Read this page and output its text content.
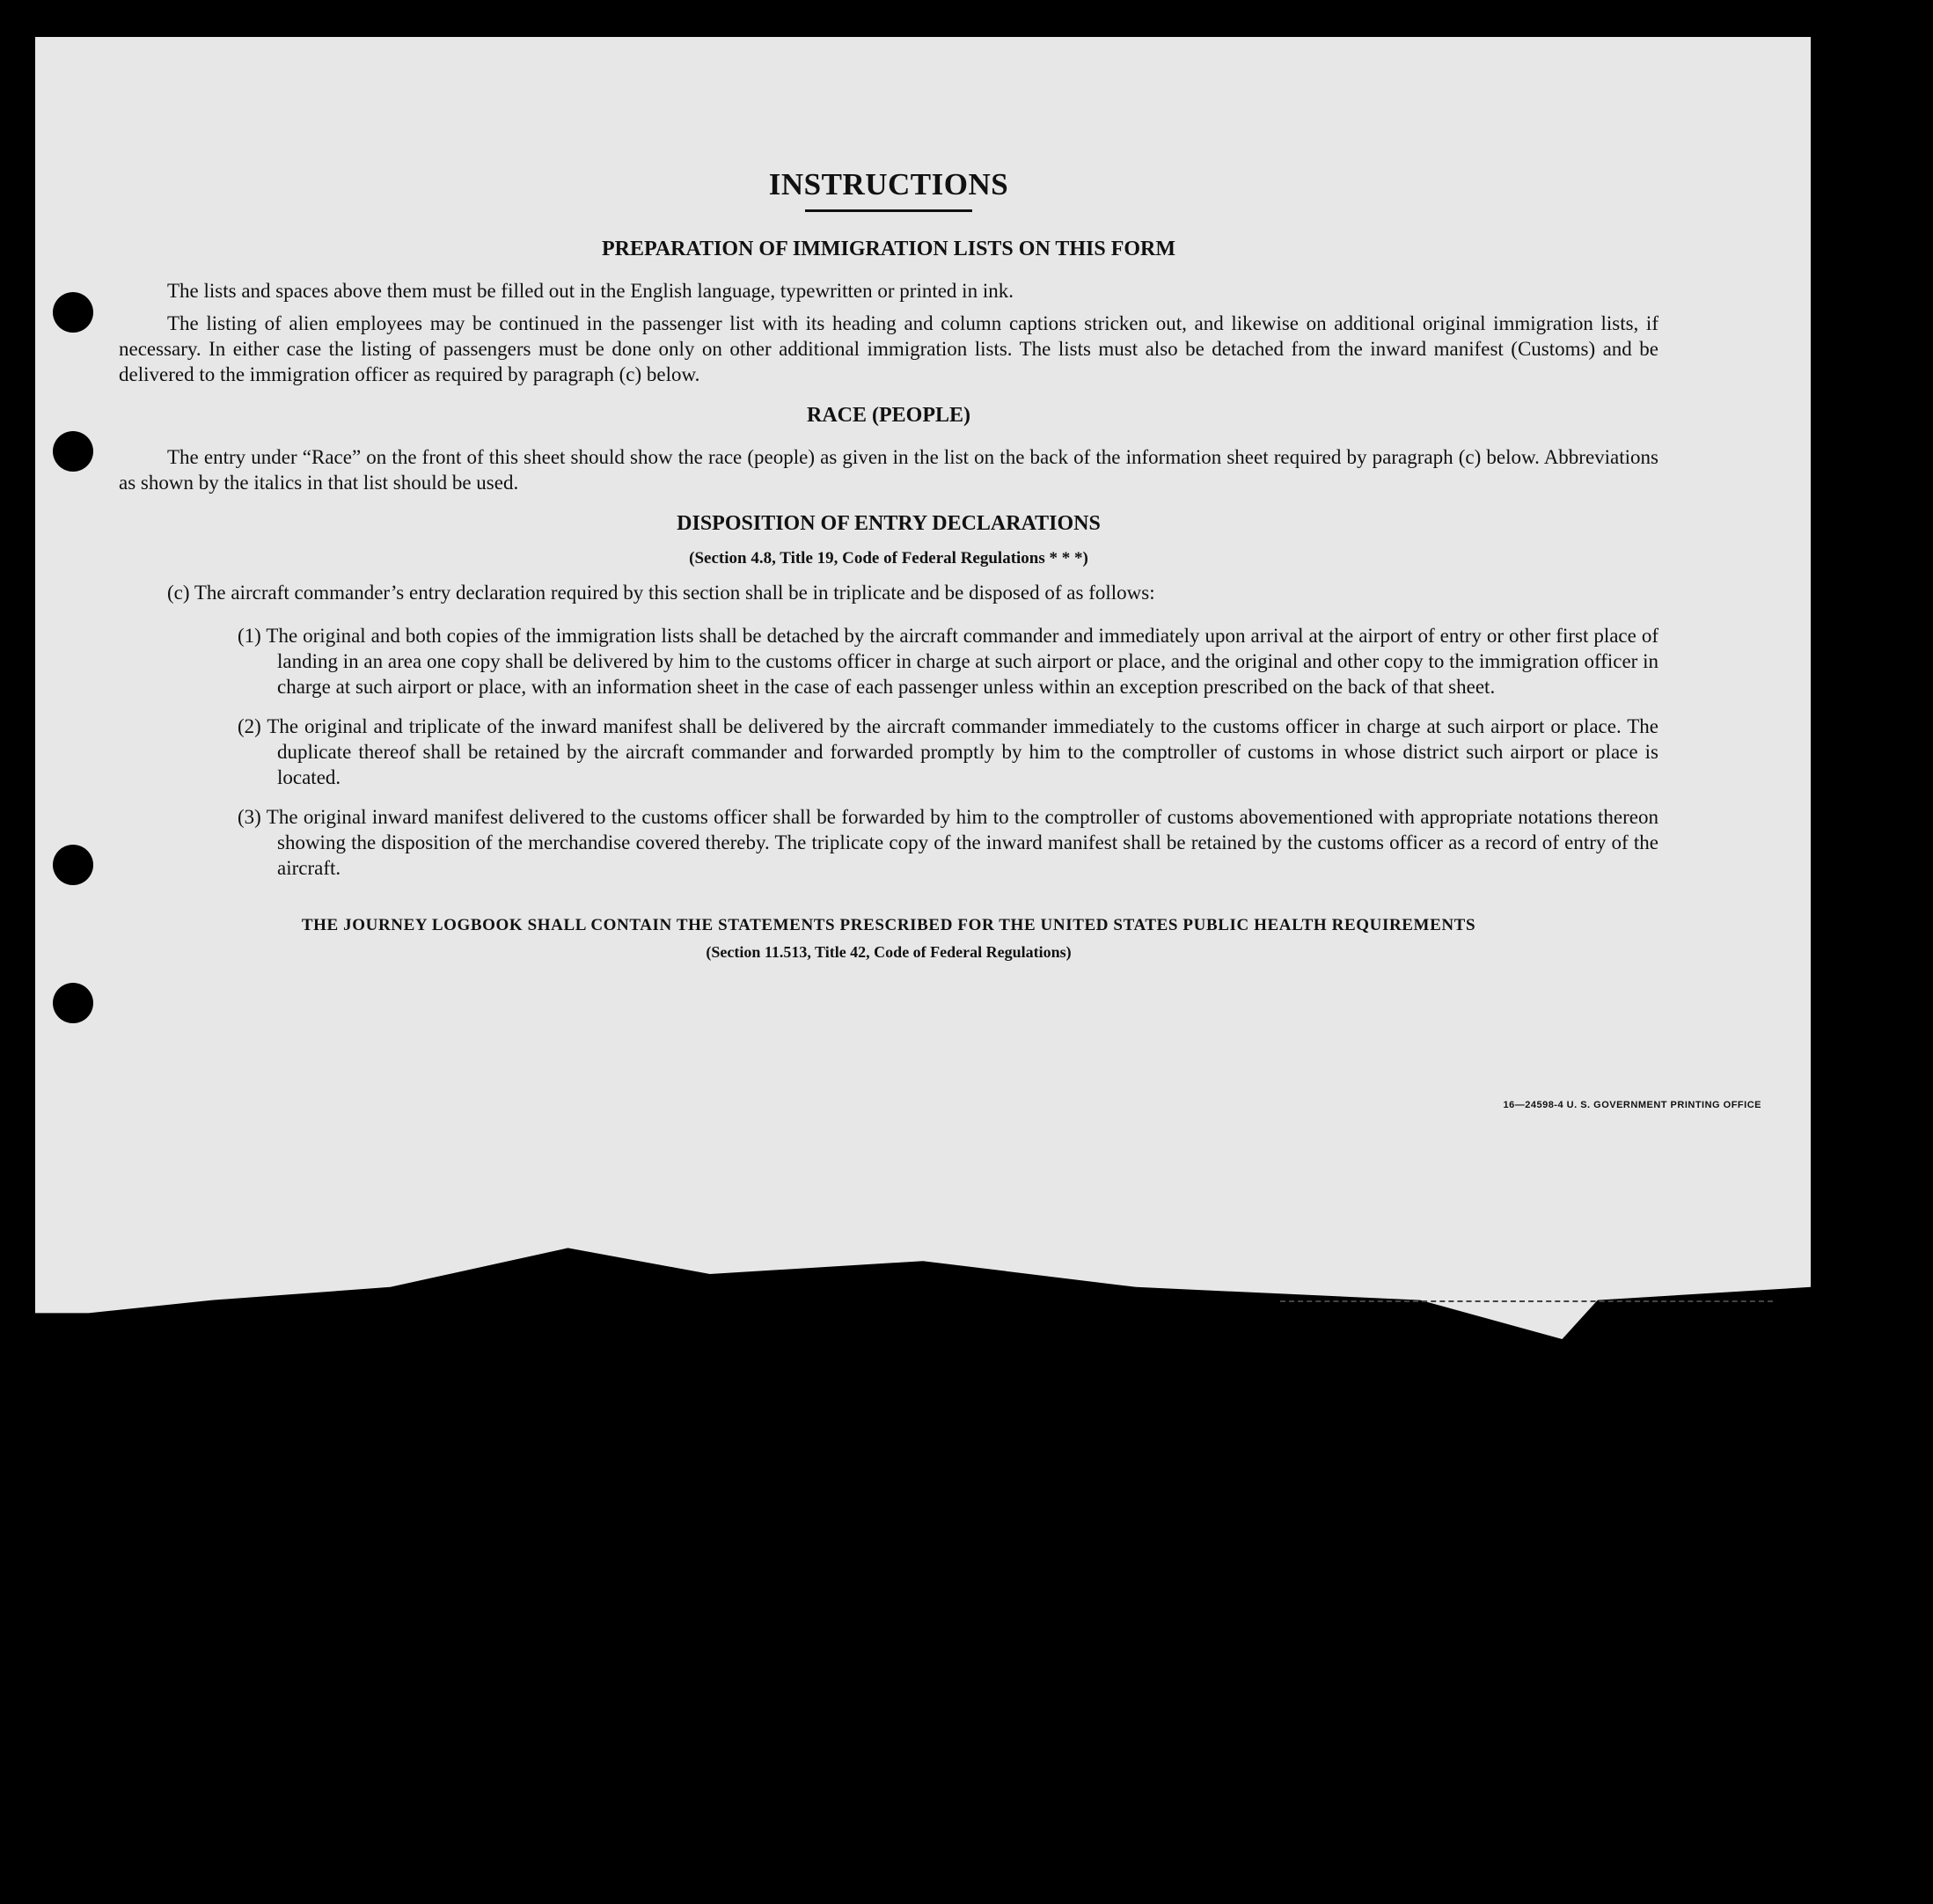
INSTRUCTIONS
PREPARATION OF IMMIGRATION LISTS ON THIS FORM

The lists and spaces above them must be filled out in the English language, typewritten or printed in ink.

The listing of alien employees may be continued in the passenger list with its heading and column captions stricken out, and likewise on additional original immigration lists, if necessary. In either case the listing of passengers must be done only on other additional immigration lists. The lists must also be detached from the inward manifest (Customs) and be delivered to the immigration officer as required by paragraph (c) below.

RACE (PEOPLE)

The entry under “Race” on the front of this sheet should show the race (people) as given in the list on the back of the information sheet required by paragraph (c) below. Abbreviations as shown by the italics in that list should be used.

DISPOSITION OF ENTRY DECLARATIONS
(Section 4.8, Title 19, Code of Federal Regulations * * *)

(c) The aircraft commander’s entry declaration required by this section shall be in triplicate and be disposed of as follows:

(1) The original and both copies of the immigration lists shall be detached by the aircraft commander and immediately upon arrival at the airport of entry or other first place of landing in an area one copy shall be delivered by him to the customs officer in charge at such airport or place, and the original and other copy to the immigration officer in charge at such airport or place, with an information sheet in the case of each passenger unless within an exception prescribed on the back of that sheet.

(2) The original and triplicate of the inward manifest shall be delivered by the aircraft commander immediately to the customs officer in charge at such airport or place. The duplicate thereof shall be retained by the aircraft commander and forwarded promptly by him to the comptroller of customs in whose district such airport or place is located.

(3) The original inward manifest delivered to the customs officer shall be forwarded by him to the comptroller of customs abovementioned with appropriate notations thereon showing the disposition of the merchandise covered thereby. The triplicate copy of the inward manifest shall be retained by the customs officer as a record of entry of the aircraft.

THE JOURNEY LOGBOOK SHALL CONTAIN THE STATEMENTS PRESCRIBED FOR THE UNITED STATES PUBLIC HEALTH REQUIREMENTS
(Section 11.513, Title 42, Code of Federal Regulations)
16—24598-4 U. S. GOVERNMENT PRINTING OFFICE
